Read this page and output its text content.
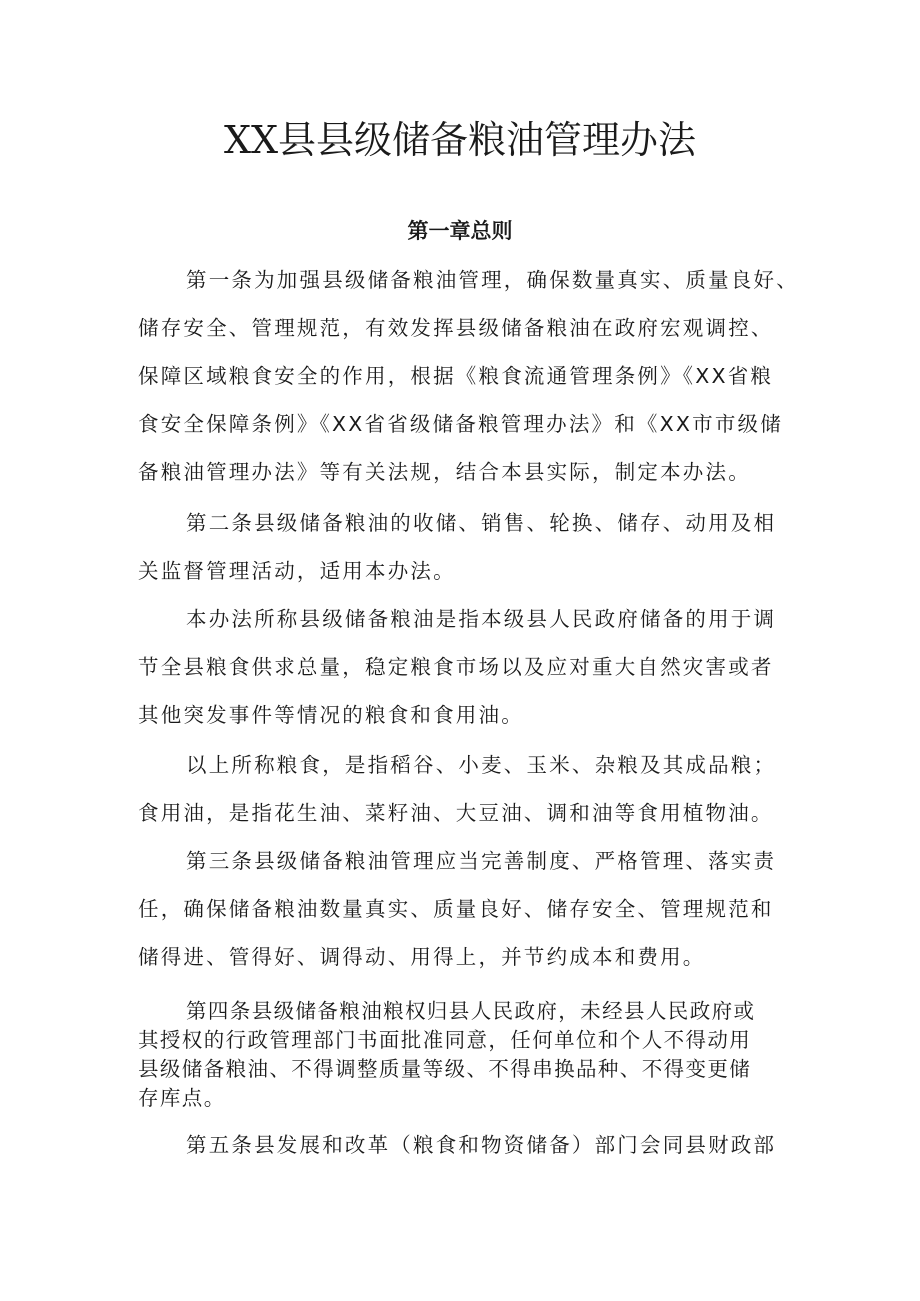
XX县县级储备粮油管理办法
第一章总则
第一条为加强县级储备粮油管理，确保数量真实、质量良好、
储存安全、管理规范，有效发挥县级储备粮油在政府宏观调控、
保障区域粮食安全的作用，根据《粮食流通管理条例》《XX省粮
食安全保障条例》《XX省省级储备粮管理办法》和《XX市市级储
备粮油管理办法》等有关法规，结合本县实际，制定本办法。
第二条县级储备粮油的收储、销售、轮换、储存、动用及相
关监督管理活动，适用本办法。
本办法所称县级储备粮油是指本级县人民政府储备的用于调
节全县粮食供求总量，稳定粮食市场以及应对重大自然灾害或者
其他突发事件等情况的粮食和食用油。
以上所称粮食，是指稻谷、小麦、玉米、杂粮及其成品粮；
食用油，是指花生油、菜籽油、大豆油、调和油等食用植物油。
第三条县级储备粮油管理应当完善制度、严格管理、落实责
任，确保储备粮油数量真实、质量良好、储存安全、管理规范和
储得进、管得好、调得动、用得上，并节约成本和费用。
第四条县级储备粮油粮权归县人民政府，未经县人民政府或
其授权的行政管理部门书面批准同意，任何单位和个人不得动用
县级储备粮油、不得调整质量等级、不得串换品种、不得变更储
存库点。
第五条县发展和改革（粮食和物资储备）部门会同县财政部
